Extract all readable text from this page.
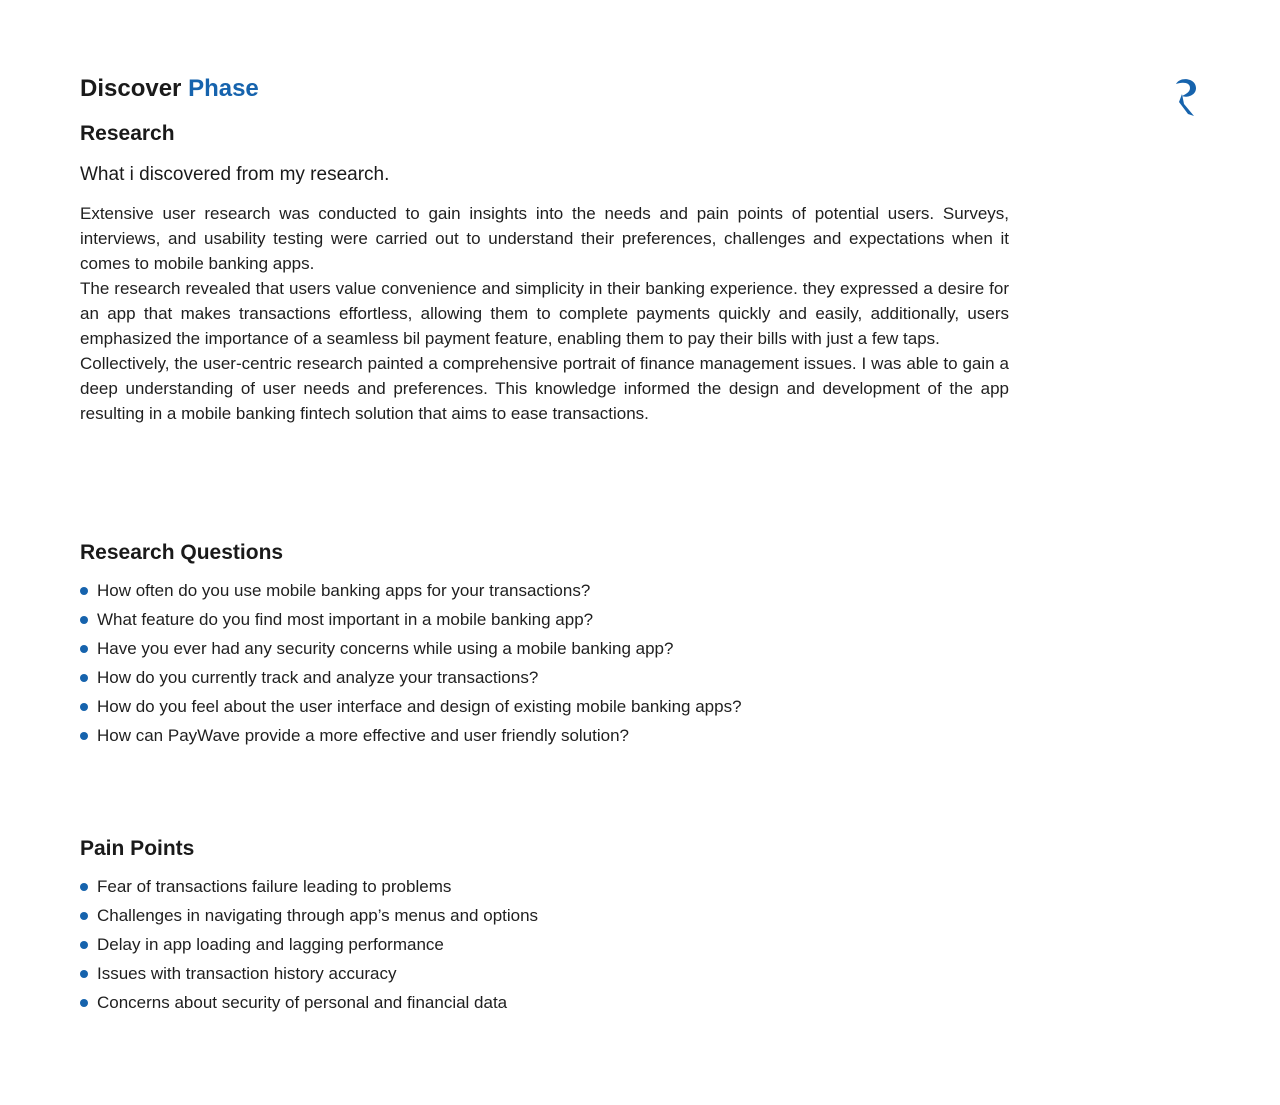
Discover Phase
Research

What i discovered from my research.

Extensive user research was conducted to gain insights into the needs and pain points of potential users. Surveys, interviews, and usability testing were carried out to understand their preferences, challenges and expectations when it comes to mobile banking apps.

The research revealed that users value convenience and simplicity in their banking experience. they expressed a desire for an app that makes transactions effortless, allowing them to complete payments quickly and easily, additionally, users emphasized the importance of a seamless bil payment feature, enabling them to pay their bills with just a few taps.

Collectively, the user-centric research painted a comprehensive portrait of finance management issues. I was able to gain a deep understanding of user needs and preferences. This knowledge informed the design and development of the app resulting in a mobile banking fintech solution that aims to ease transactions.

Research Questions
How often do you use mobile banking apps for your transactions?
What feature do you find most important in a mobile banking app?
Have you ever had any security concerns while using a mobile banking app?
How do you currently track and analyze your transactions?
How do you feel about the user interface and design of existing mobile banking apps?
How can PayWave provide a more effective and user friendly solution?
Pain Points
Fear of transactions failure leading to problems
Challenges in navigating through app’s menus and options
Delay in app loading and lagging performance
Issues with transaction history accuracy
Concerns about security of personal and financial data
